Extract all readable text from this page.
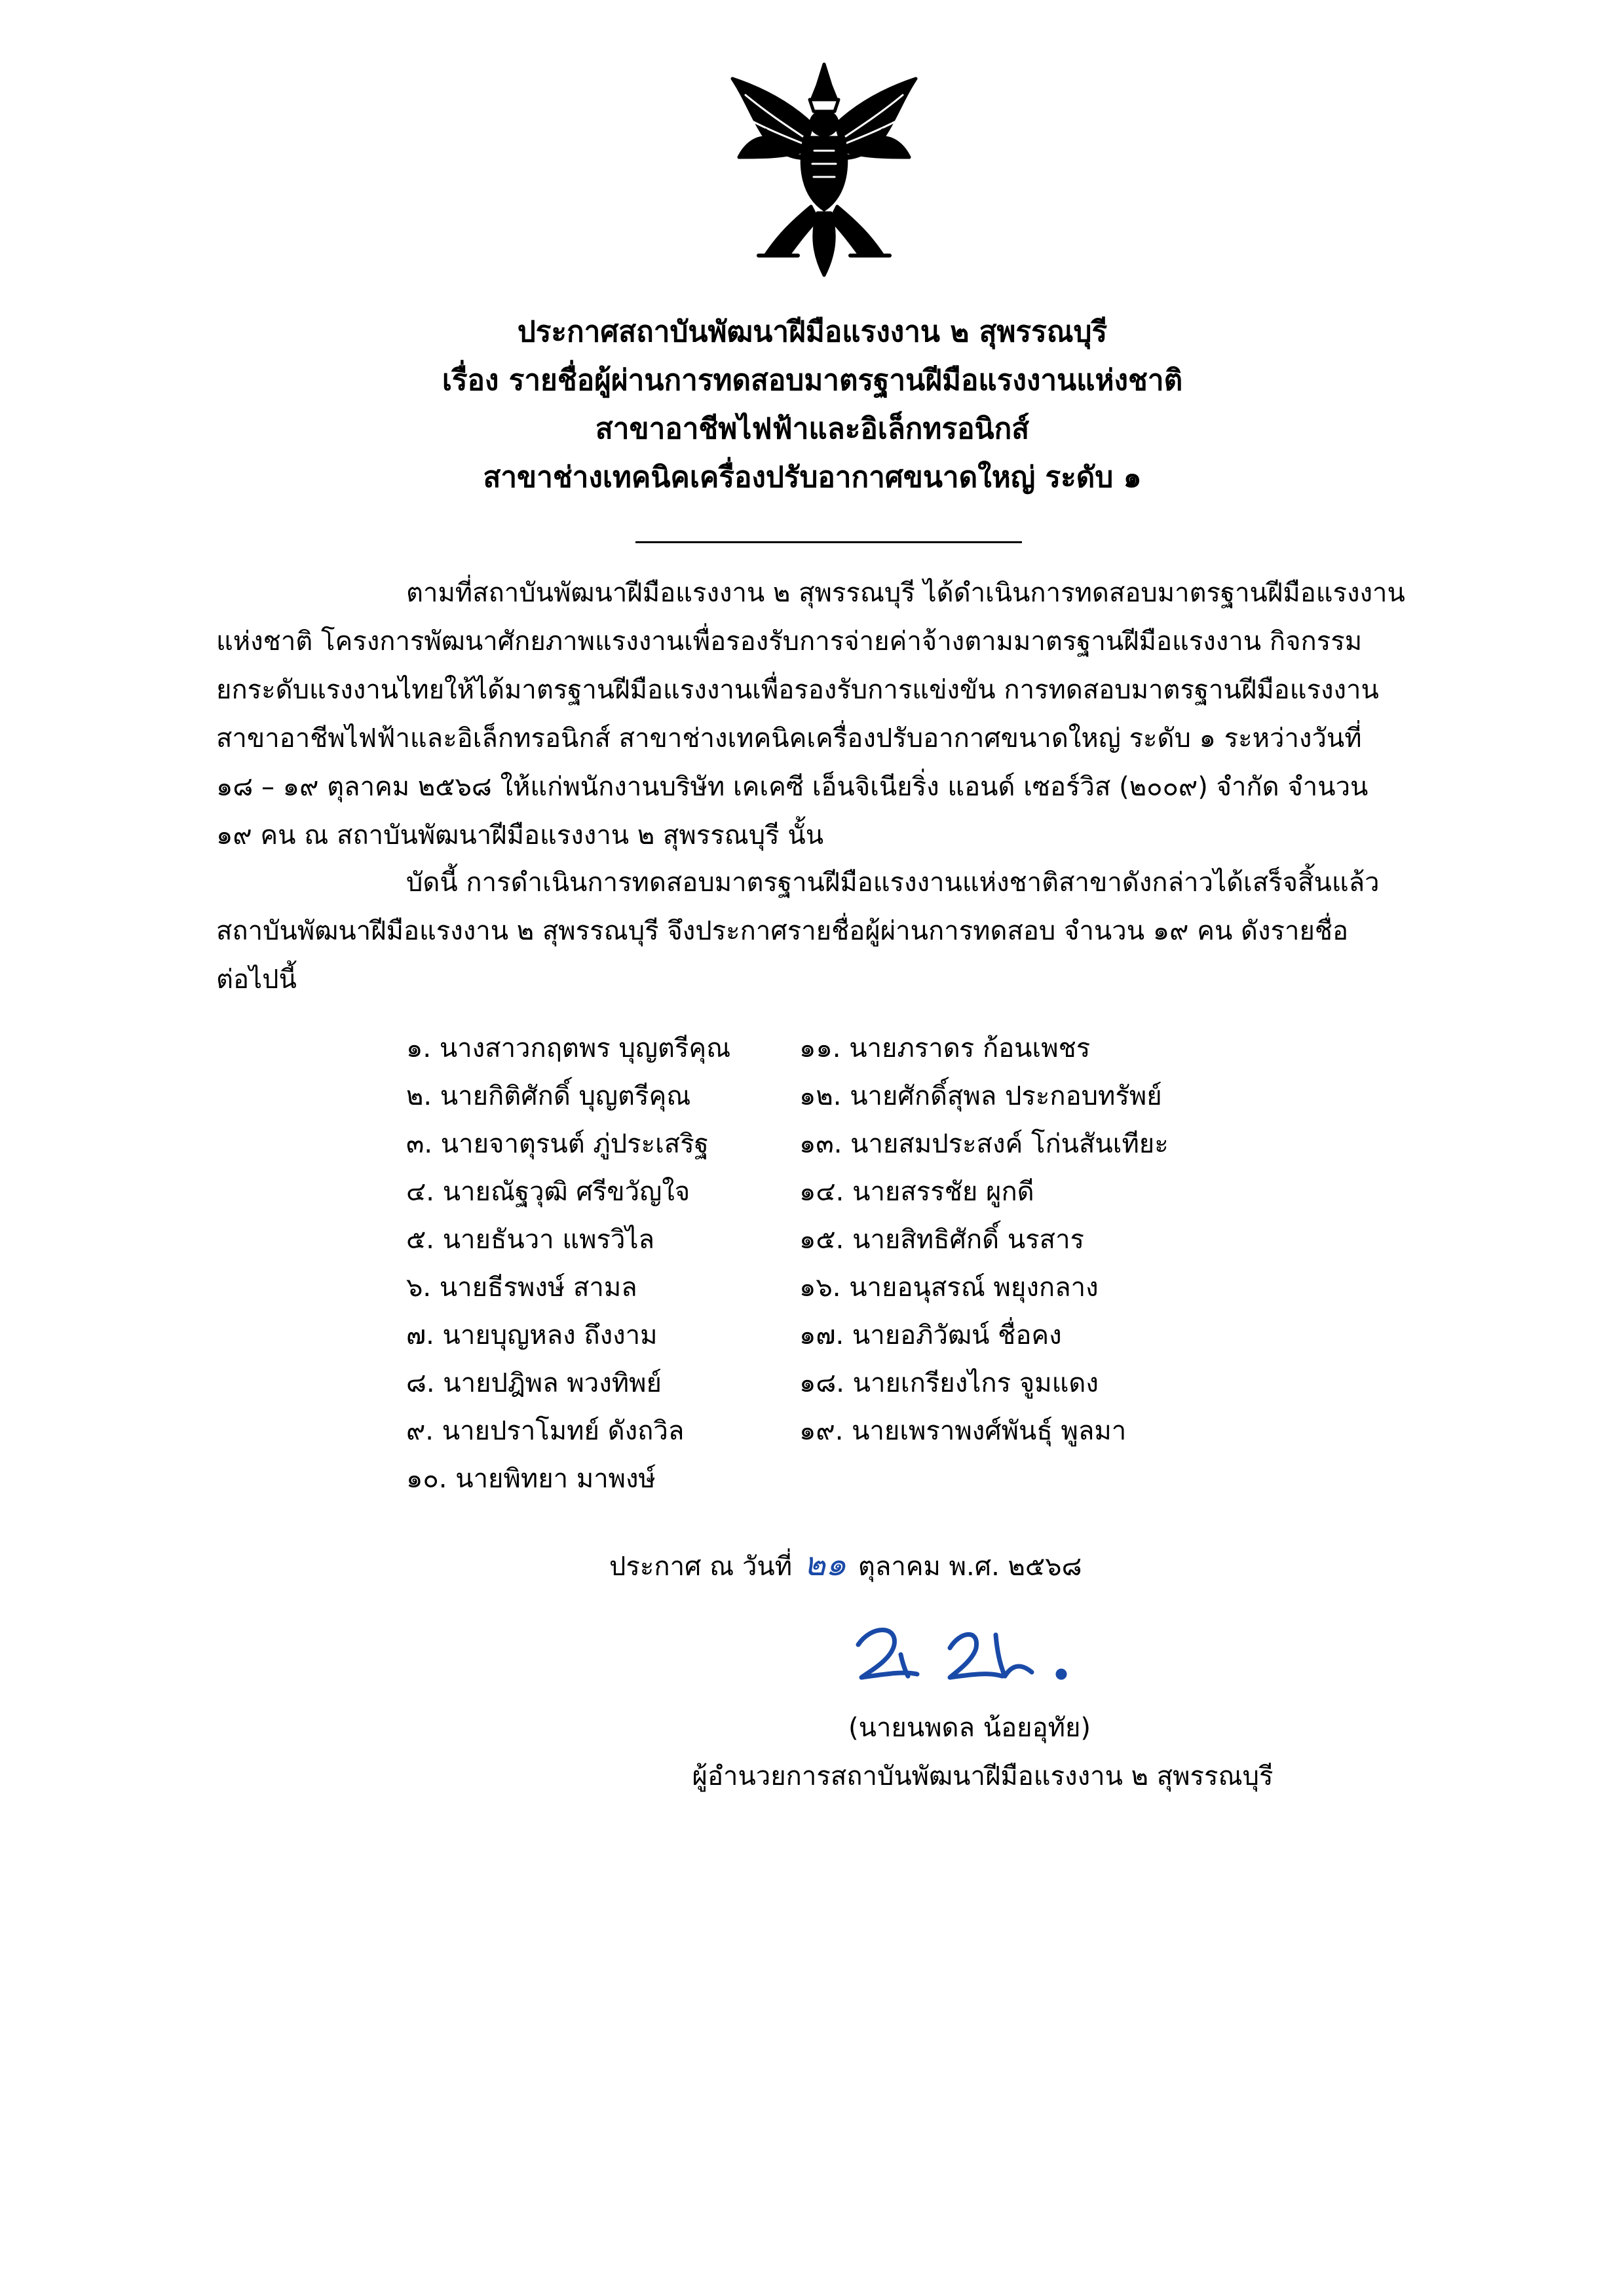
ประกาศสถาบันพัฒนาฝีมือแรงงาน ๒ สุพรรณบุรี
เรื่อง รายชื่อผู้ผ่านการทดสอบมาตรฐานฝีมือแรงงานแห่งชาติ
สาขาอาชีพไฟฟ้าและอิเล็กทรอนิกส์
สาขาช่างเทคนิคเครื่องปรับอากาศขนาดใหญ่ ระดับ ๑
ตามที่สถาบันพัฒนาฝีมือแรงงาน ๒ สุพรรณบุรี ได้ดำเนินการทดสอบมาตรฐานฝีมือแรงงาน
แห่งชาติ โครงการพัฒนาศักยภาพแรงงานเพื่อรองรับการจ่ายค่าจ้างตามมาตรฐานฝีมือแรงงาน กิจกรรม
ยกระดับแรงงานไทยให้ได้มาตรฐานฝีมือแรงงานเพื่อรองรับการแข่งขัน การทดสอบมาตรฐานฝีมือแรงงาน
สาขาอาชีพไฟฟ้าและอิเล็กทรอนิกส์ สาขาช่างเทคนิคเครื่องปรับอากาศขนาดใหญ่ ระดับ ๑ ระหว่างวันที่
๑๘ – ๑๙ ตุลาคม ๒๕๖๘ ให้แก่พนักงานบริษัท เคเคซี เอ็นจิเนียริ่ง แอนด์ เซอร์วิส (๒๐๐๙) จำกัด จำนวน
๑๙ คน ณ สถาบันพัฒนาฝีมือแรงงาน ๒ สุพรรณบุรี นั้น
บัดนี้ การดำเนินการทดสอบมาตรฐานฝีมือแรงงานแห่งชาติสาขาดังกล่าวได้เสร็จสิ้นแล้ว
สถาบันพัฒนาฝีมือแรงงาน ๒ สุพรรณบุรี จึงประกาศรายชื่อผู้ผ่านการทดสอบ จำนวน ๑๙ คน ดังรายชื่อ
ต่อไปนี้
๑. นางสาวกฤตพร บุญตรีคุณ
๒. นายกิติศักดิ์ บุญตรีคุณ
๓. นายจาตุรนต์ ภู่ประเสริฐ
๔. นายณัฐวุฒิ ศรีขวัญใจ
๕. นายธันวา แพรวิไล
๖. นายธีรพงษ์ สามล
๗. นายบุญหลง ถึงงาม
๘. นายปฎิพล พวงทิพย์
๙. นายปราโมทย์ ดังถวิล
๑๐. นายพิทยา มาพงษ์
๑๑. นายภราดร ก้อนเพชร
๑๒. นายศักดิ์สุพล ประกอบทรัพย์
๑๓. นายสมประสงค์ โก่นสันเทียะ
๑๔. นายสรรชัย ผูกดี
๑๕. นายสิทธิศักดิ์ นรสาร
๑๖. นายอนุสรณ์ พยุงกลาง
๑๗. นายอภิวัฒน์ ชื่อคง
๑๘. นายเกรียงไกร จูมแดง
๑๙. นายเพราพงศ์พันธุ์ พูลมา
ประกาศ ณ วันที่ ๒๑ ตุลาคม พ.ศ. ๒๕๖๘
(นายนพดล น้อยอุทัย)
ผู้อำนวยการสถาบันพัฒนาฝีมือแรงงาน ๒ สุพรรณบุรี
